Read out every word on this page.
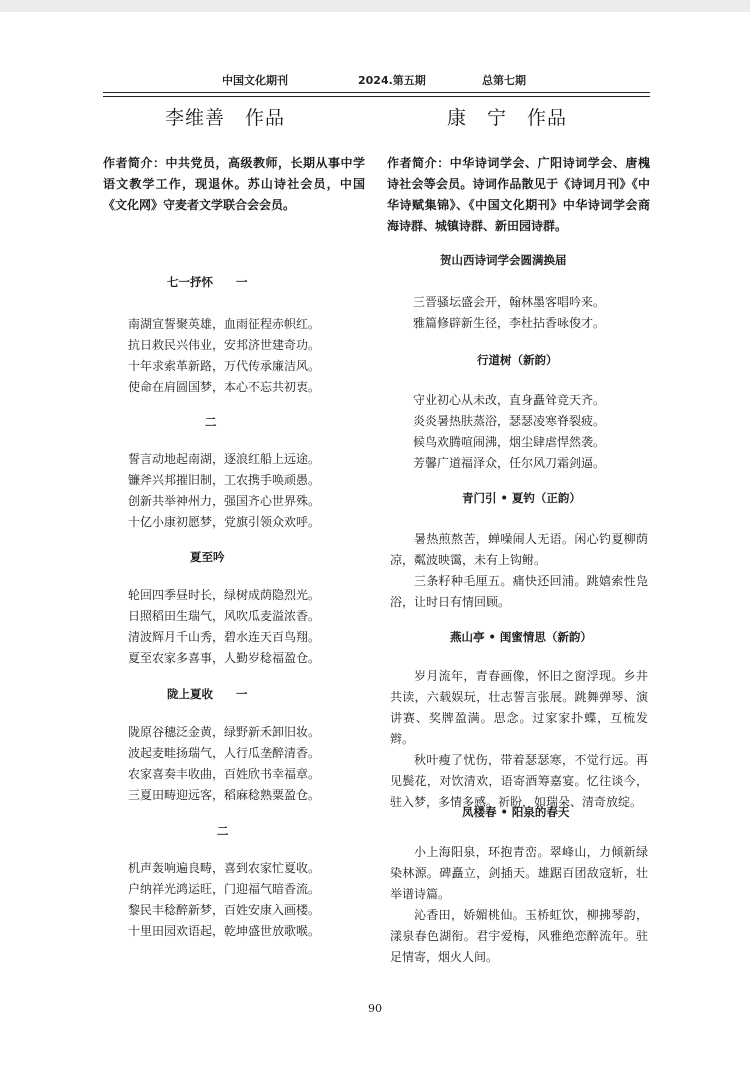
中国文化期刊	2024.第五期	总第七期
李维善　作品
作者简介：中共党员，高级教师，长期从事中学语文教学工作，现退休。苏山诗社会员，中国《文化网》守麦者文学联合会会员。
七一抒怀　　一
南湖宣誓聚英雄，血雨征程赤帜红。
抗日救民兴伟业，安邦济世建奇功。
十年求索革新路，万代传承廉洁风。
使命在肩圆国梦，本心不忘共初衷。
二
誓言动地起南湖，逐浪红船上远途。
镰斧兴邦摧旧制，工农携手唤顽愚。
创新共举神州力，强国齐心世界殊。
十亿小康初愿梦，党旗引领众欢呼。
夏至吟
轮回四季昼时长，绿树成荫隐烈光。
日照稻田生瑞气，风吹瓜麦溢浓香。
清波辉月千山秀，碧水连天百鸟翔。
夏至农家多喜事，人勤岁稔福盈仓。
陇上夏收　　一
陇原谷穗泛金黄，绿野新禾卸旧妆。
波起麦畦扬瑞气，人行瓜垄醉清香。
农家喜奏丰收曲，百姓欣书幸福章。
三夏田畴迎远客，稻麻稔熟粟盈仓。
二
机声轰响遍良畴，喜到农家忙夏收。
户纳祥光鸿运旺，门迎福气暗香流。
黎民丰稔醉新梦，百姓安康入画楼。
十里田园欢语起，乾坤盛世放歌喉。
康　宁　作品
作者简介：中华诗词学会、广阳诗词学会、唐槐诗社会等会员。诗词作品散见于《诗词月刊》《中华诗赋集锦》、《中国文化期刊》中华诗词学会商海诗群、城镇诗群、新田园诗群。
贺山西诗词学会圆满换届
三晋骚坛盛会开，翰林墨客唱吟来。
雅篇修辟新生径，李杜拈香咏俊才。
行道树（新韵）
守业初心从未改，直身矗耸竞天齐。
炎炎暑热肤蒸浴，瑟瑟凌寒脊裂疲。
候鸟欢腾喧闹沸，烟尘肆虐悍然袭。
芳馨广道福泽众，任尔风刀霜剑逼。
青门引 • 夏钓（正韵）
暑热煎熬苦，蝉噪闹人无语。闲心钓夏柳荫凉，粼波映霭，未有上钩鲋。
三条籽种毛厘五。痛快还回浦。跳嬉索性凫浴，让时日有情回顾。
燕山亭 • 闺蜜情思（新韵）
岁月流年，青春画像，怀旧之窗浮现。乡井共读，六载娱玩，壮志誓言张展。跳舞弹琴、演讲赛、奖牌盈满。思念。过家家扑蝶，互梳发辫。
秋叶瘦了忧伤，带着瑟瑟寒，不觉行远。再见鬓花，对饮清欢，语寄酒筹嘉宴。忆往谈今，驻入梦，多情多感。祈盼，如瑞朵、清奇放绽。
凤楼春 • 阳泉的春天
小上海阳泉，环抱青峦。翠峰山，力倾新绿染林源。碑矗立，剑插天。雄踞百团敌寇斩，壮举谱诗篇。
沁香田，娇媚桃仙。玉桥虹饮，柳拂琴韵，漾泉春色湖衔。君宇爱梅，风雅绝恋醉流年。驻足情寄，烟火人间。
90
